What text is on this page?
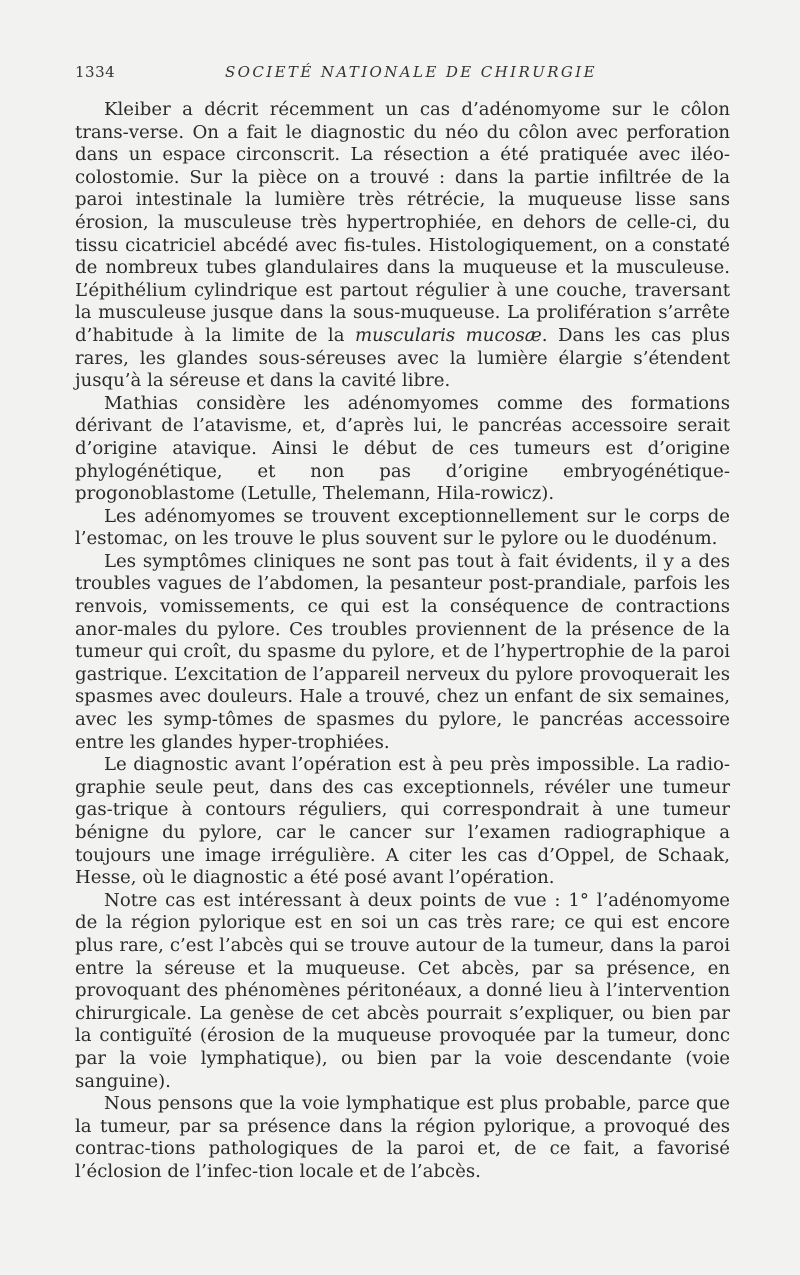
1334	SOCIETÉ NATIONALE DE CHIRURGIE

Kleiber a décrit récemment un cas d’adénomyome sur le côlon trans-verse. On a fait le diagnostic du néo du côlon avec perforation dans un espace circonscrit. La résection a été pratiquée avec iléo-colostomie. Sur la pièce on a trouvé : dans la partie infiltrée de la paroi intestinale la lumière très rétrécie, la muqueuse lisse sans érosion, la musculeuse très hypertrophiée, en dehors de celle-ci, du tissu cicatriciel abcédé avec fis-tules. Histologiquement, on a constaté de nombreux tubes glandulaires dans la muqueuse et la musculeuse. L’épithélium cylindrique est partout régulier à une couche, traversant la musculeuse jusque dans la sous-muqueuse. La prolifération s’arrête d’habitude à la limite de la muscularis mucosæ. Dans les cas plus rares, les glandes sous-séreuses avec la lumière élargie s’étendent jusqu’à la séreuse et dans la cavité libre.

Mathias considère les adénomyomes comme des formations dérivant de l’atavisme, et, d’après lui, le pancréas accessoire serait d’origine atavique. Ainsi le début de ces tumeurs est d’origine phylogénétique, et non pas d’origine embryogénétique-progonoblastome (Letulle, Thelemann, Hila-rowicz).

Les adénomyomes se trouvent exceptionnellement sur le corps de l’estomac, on les trouve le plus souvent sur le pylore ou le duodénum.

Les symptômes cliniques ne sont pas tout à fait évidents, il y a des troubles vagues de l’abdomen, la pesanteur post-prandiale, parfois les renvois, vomissements, ce qui est la conséquence de contractions anor-males du pylore. Ces troubles proviennent de la présence de la tumeur qui croît, du spasme du pylore, et de l’hypertrophie de la paroi gastrique. L’excitation de l’appareil nerveux du pylore provoquerait les spasmes avec douleurs. Hale a trouvé, chez un enfant de six semaines, avec les symp-tômes de spasmes du pylore, le pancréas accessoire entre les glandes hyper-trophiées.

Le diagnostic avant l’opération est à peu près impossible. La radio-graphie seule peut, dans des cas exceptionnels, révéler une tumeur gas-trique à contours réguliers, qui correspondrait à une tumeur bénigne du pylore, car le cancer sur l’examen radiographique a toujours une image irrégulière. A citer les cas d’Oppel, de Schaak, Hesse, où le diagnostic a été posé avant l’opération.

Notre cas est intéressant à deux points de vue : 1° l’adénomyome de la région pylorique est en soi un cas très rare; ce qui est encore plus rare, c’est l’abcès qui se trouve autour de la tumeur, dans la paroi entre la séreuse et la muqueuse. Cet abcès, par sa présence, en provoquant des phénomènes péritonéaux, a donné lieu à l’intervention chirurgicale. La genèse de cet abcès pourrait s’expliquer, ou bien par la contiguïté (érosion de la muqueuse provoquée par la tumeur, donc par la voie lymphatique), ou bien par la voie descendante (voie sanguine).

Nous pensons que la voie lymphatique est plus probable, parce que la tumeur, par sa présence dans la région pylorique, a provoqué des contrac-tions pathologiques de la paroi et, de ce fait, a favorisé l’éclosion de l’infec-tion locale et de l’abcès.
